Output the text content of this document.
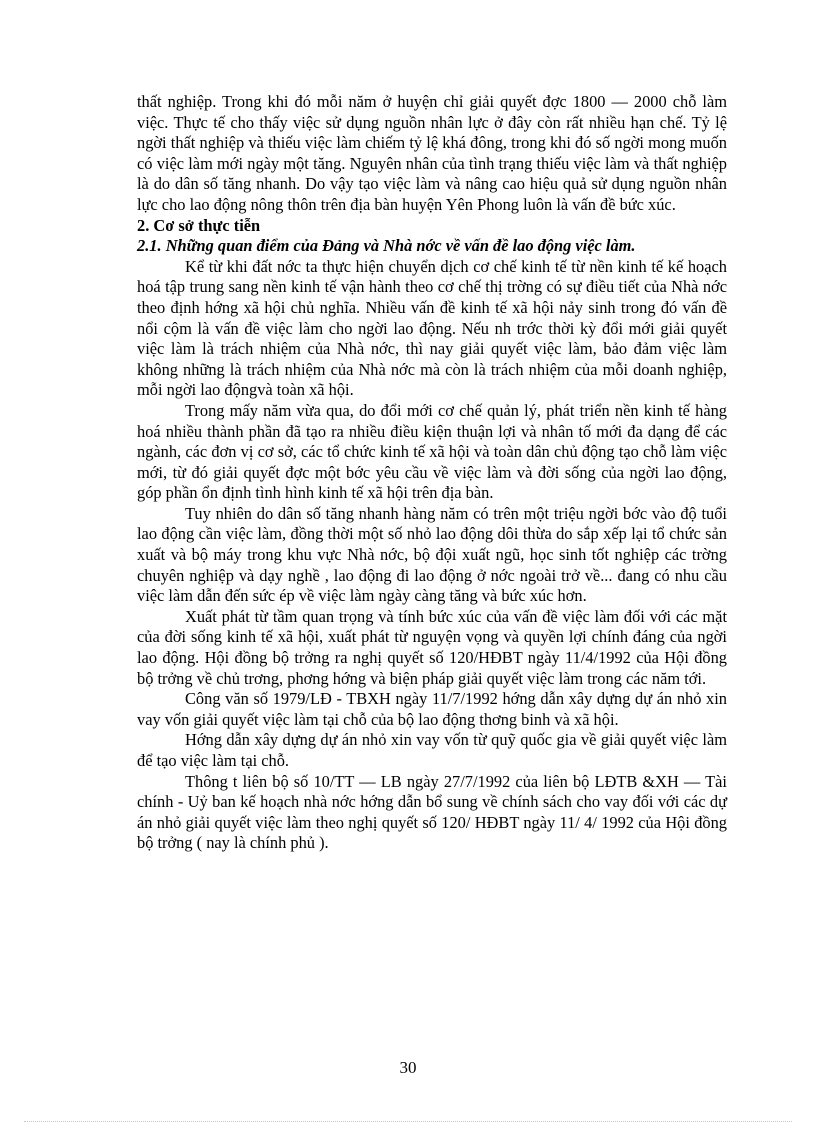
thất nghiệp. Trong khi đó mỗi năm ở huyện chỉ giải quyết đợc 1800 — 2000 chỗ làm việc. Thực tế cho thấy việc sử dụng nguồn nhân lực ở đây còn rất nhiều hạn chế. Tỷ lệ ngời thất nghiệp và thiếu việc làm chiếm tỷ lệ khá đông, trong khi đó số ngời mong muốn có việc làm mới ngày một tăng. Nguyên nhân của tình trạng thiếu việc làm và thất nghiệp là do dân số tăng nhanh. Do vậy tạo việc làm và nâng cao hiệu quả sử dụng nguồn nhân lực cho lao động nông thôn trên địa bàn huyện Yên Phong luôn là vấn đề bức xúc.

2. Cơ sở thực tiễn

2.1. Những quan điểm của Đảng và Nhà nớc về vấn đề lao động việc làm.

Kể từ khi đất nớc ta thực hiện chuyển dịch cơ chế kinh tế từ nền kinh tế kế hoạch hoá tập trung sang nền kinh tế vận hành theo cơ chế thị trờng có sự điều tiết của Nhà nớc theo định hớng xã hội chủ nghĩa. Nhiều vấn đề kinh tế xã hội nảy sinh trong đó vấn đề nổi cộm là vấn đề việc làm cho ngời lao động. Nếu nh trớc thời kỳ đổi mới giải quyết việc làm là trách nhiệm của Nhà nớc, thì nay giải quyết việc làm, bảo đảm việc làm không những là trách nhiệm của Nhà nớc mà còn là trách nhiệm của mỗi doanh nghiệp, mỗi ngời lao độngvà toàn xã hội.

Trong mấy năm vừa qua, do đổi mới cơ chế quản lý, phát triển nền kinh tế hàng hoá nhiều thành phần đã tạo ra nhiều điều kiện thuận lợi và nhân tố mới đa dạng để các ngành, các đơn vị cơ sở, các tổ chức kinh tế xã hội và toàn dân chủ động tạo chỗ làm việc mới, từ đó giải quyết đợc một bớc yêu cầu về việc làm và đời sống của ngời lao động, góp phần ổn định tình hình kinh tế xã hội trên địa bàn.

Tuy nhiên do dân số tăng nhanh hàng năm có trên một triệu ngời bớc vào độ tuổi lao động cần việc làm, đồng thời một số nhỏ lao động dôi thừa do sắp xếp lại tổ chức sản xuất và bộ máy trong khu vực Nhà nớc, bộ đội xuất ngũ, học sinh tốt nghiệp các trờng chuyên nghiệp và dạy nghề , lao động đi lao động ở nớc ngoài trở về... đang có nhu cầu việc làm dẫn đến sức ép về việc làm ngày càng tăng và bức xúc hơn.

Xuất phát từ tầm quan trọng và tính bức xúc của vấn đề việc làm đối với các mặt của đời sống kinh tế xã hội, xuất phát từ nguyện vọng và quyền lợi chính đáng của ngời lao động. Hội đồng bộ trởng ra nghị quyết số 120/HĐBT ngày 11/4/1992 của Hội đồng bộ trởng về chủ trơng, phơng hớng và biện pháp giải quyết việc làm trong các năm tới.

Công văn số 1979/LĐ - TBXH ngày 11/7/1992 hớng dẫn xây dựng dự án nhỏ xin vay vốn giải quyết việc làm tại chỗ của bộ lao động thơng binh và xã hội.

Hớng dẫn xây dựng dự án nhỏ xin vay vốn từ quỹ quốc gia về giải quyết việc làm để tạo việc làm tại chỗ.

Thông t liên bộ số 10/TT — LB ngày 27/7/1992 của liên bộ LĐTB &XH — Tài chính - Uỷ ban kế hoạch nhà nớc hớng dẫn bổ sung về chính sách cho vay đối với các dự án nhỏ giải quyết việc làm theo nghị quyết số 120/ HĐBT ngày 11/ 4/ 1992 của Hội đồng bộ trởng ( nay là chính phủ ).

30
